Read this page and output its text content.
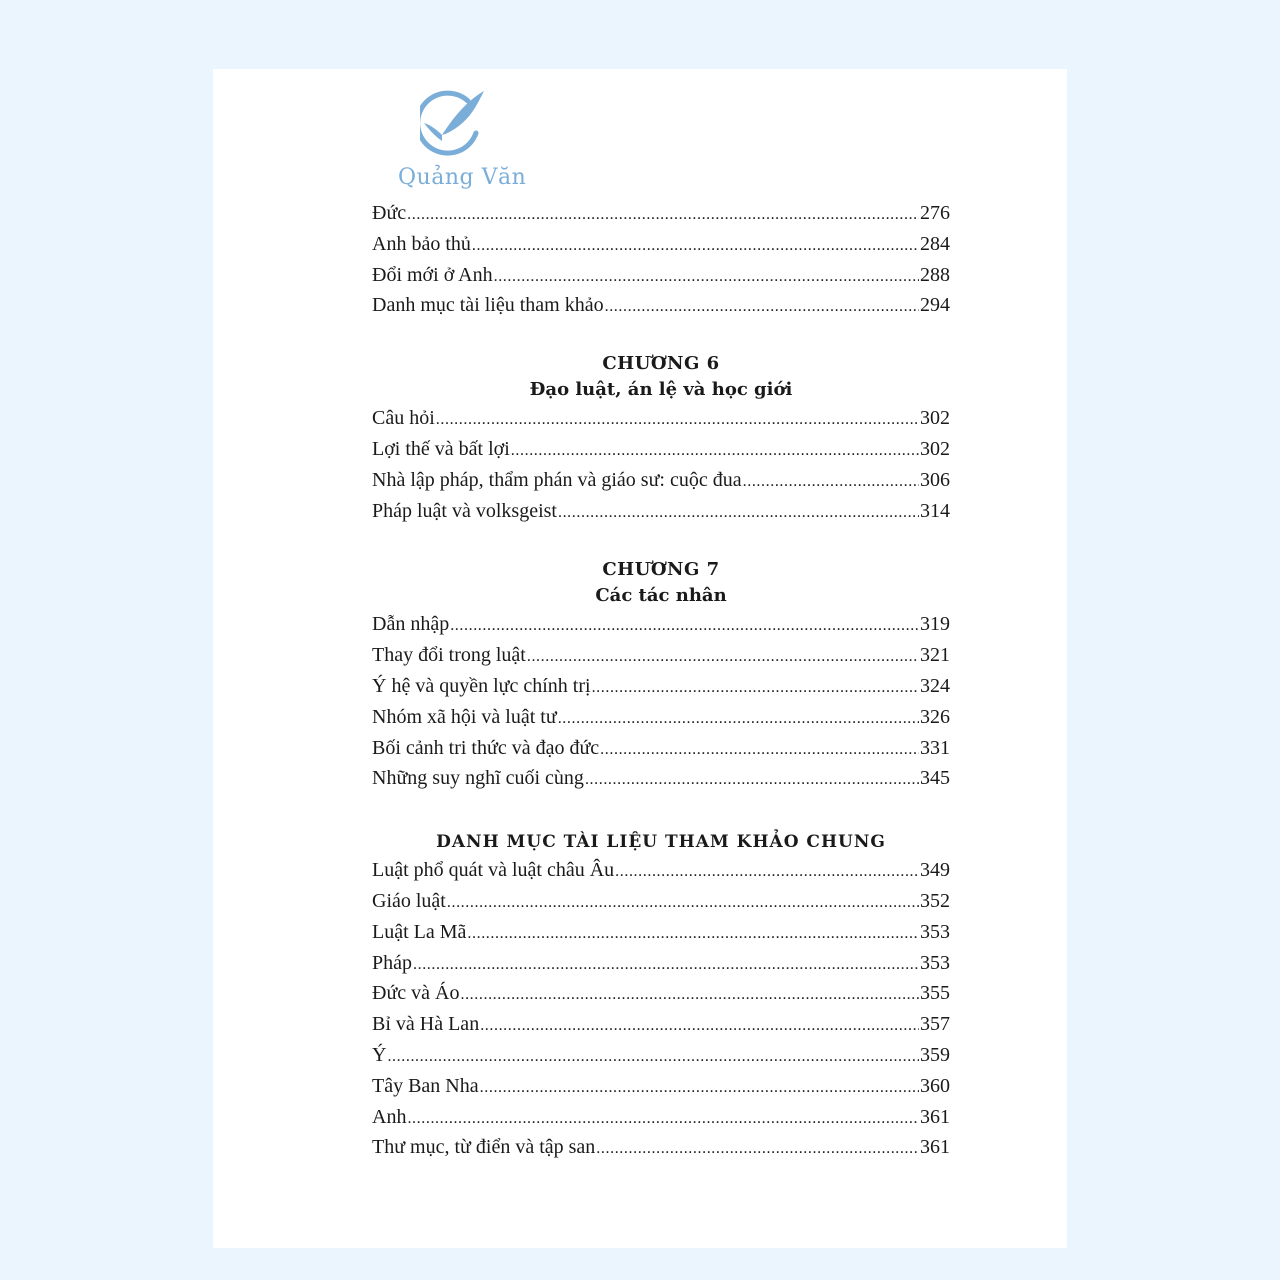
Quảng Văn
Đức .....	276
Anh bảo thủ .....	284
Đổi mới ở Anh .....	288
Danh mục tài liệu tham khảo .....	294
CHƯƠNG 6
Đạo luật, án lệ và học giới
Câu hỏi .....	302
Lợi thế và bất lợi .....	302
Nhà lập pháp, thẩm phán và giáo sư: cuộc đua .....	306
Pháp luật và volksgeist .....	314
CHƯƠNG 7
Các tác nhân
Dẫn nhập .....	319
Thay đổi trong luật .....	321
Ý hệ và quyền lực chính trị .....	324
Nhóm xã hội và luật tư .....	326
Bối cảnh tri thức và đạo đức .....	331
Những suy nghĩ cuối cùng .....	345
DANH MỤC TÀI LIỆU THAM KHẢO CHUNG
Luật phổ quát và luật châu Âu .....	349
Giáo luật .....	352
Luật La Mã .....	353
Pháp .....	353
Đức và Áo .....	355
Bỉ và Hà Lan .....	357
Ý .....	359
Tây Ban Nha .....	360
Anh .....	361
Thư mục, từ điển và tập san .....	361
